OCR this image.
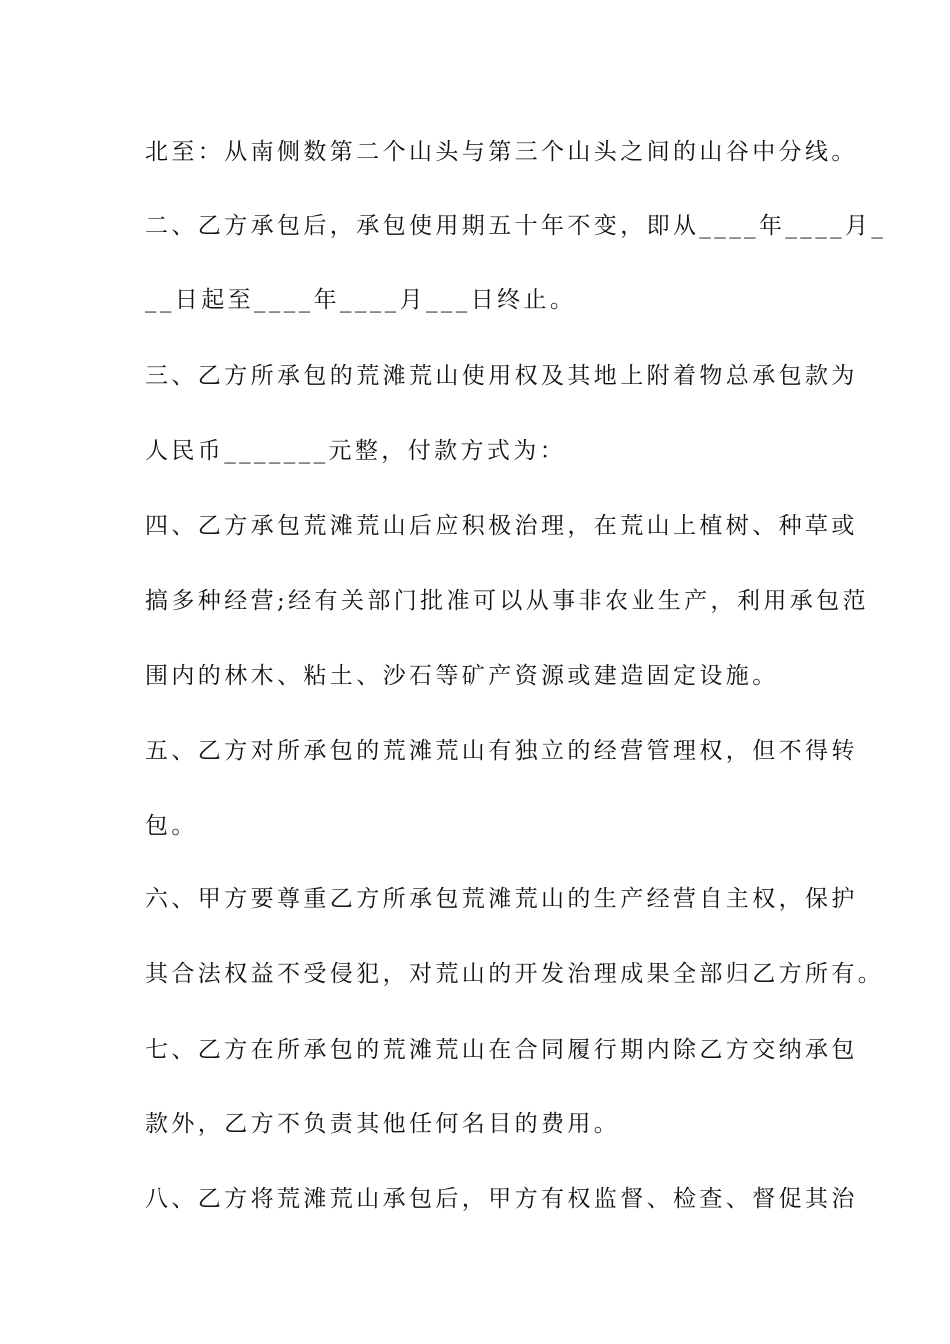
北至：从南侧数第二个山头与第三个山头之间的山谷中分线。
二、乙方承包后，承包使用期五十年不变，即从____年____月_
__日起至____年____月___日终止。
三、乙方所承包的荒滩荒山使用权及其地上附着物总承包款为
人民币_______元整，付款方式为：
四、乙方承包荒滩荒山后应积极治理，在荒山上植树、种草或
搞多种经营;经有关部门批准可以从事非农业生产，利用承包范
围内的林木、粘土、沙石等矿产资源或建造固定设施。
五、乙方对所承包的荒滩荒山有独立的经营管理权，但不得转
包。
六、甲方要尊重乙方所承包荒滩荒山的生产经营自主权，保护
其合法权益不受侵犯，对荒山的开发治理成果全部归乙方所有。
七、乙方在所承包的荒滩荒山在合同履行期内除乙方交纳承包
款外，乙方不负责其他任何名目的费用。
八、乙方将荒滩荒山承包后，甲方有权监督、检查、督促其治
